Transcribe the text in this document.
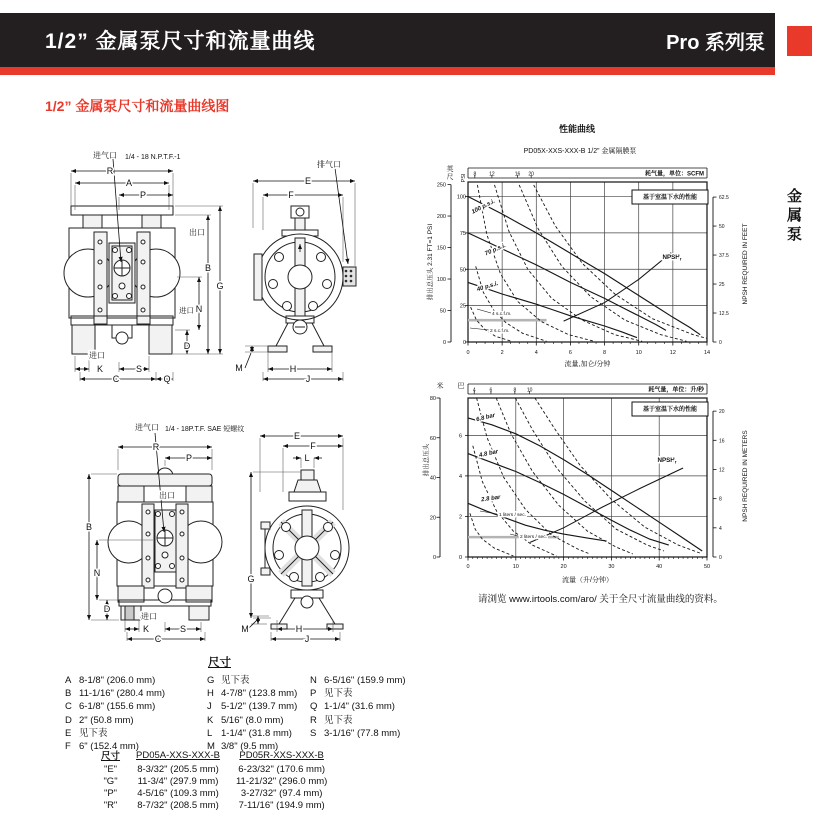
1/2” 金属泵尺寸和流量曲线	Pro 系列泵
金属泵
1/2” 金属泵尺寸和流量曲线图
进气口 1/4 - 18 N.P.T.F.-1
R
A
P
出口
B
G
N
进口
D
进口
K	S
C	Q
排气口
E
F
M	H
J
进气口 1/4 - 18P.T.F. SAE 短螺纹
R
P
B
出口
N
D
进口
K	S
C
E
F
L
G
M	H
J
8	12	16 20	耗气量，单位：SCFM
0	2	4	6	8	10	12	14
流量,加仑/分钟
0
50
100
150
200
250
0
25
50
75
100
0
12.5
25
37.5
50
62.5
基于室温下水的性能
100 p.s.i.
70 p.s.i.
40 p.s.i.
4 s.c.f.m.
2 s.c.f.m.
$NPSH_r$
性能曲线
PD05X-XXS-XXX-B 1/2” 金属隔膜泵
英
尺 PSI
排出总压头 2.31 FT=1 PSI	NPSH REQUIRED IN FEET
4	6	8 10	耗气量，单位：升/秒
0	10	20	30	40	50
流量（升/分钟）
0
20
40
60
80
0
2
4
6
0
4
8
12
16
20
基于室温下水的性能
6.8 bar
4.8 bar
2.8 bar
1 liters / sec.
2 liters / sec.
$NPSH_r$
米 巴
排出总压头	NPSH REQUIRED IN METERS
请浏览 www.irtools.com/aro/ 关于全尺寸流量曲线的资料。
尺寸
A 8-1/8" (206.0 mm)
B 11-1/16" (280.4 mm)
C 6-1/8" (155.6 mm)
D 2" (50.8 mm)
E 见下表
F 6" (152.4 mm)
G 见下表
H 4-7/8" (123.8 mm)
J 5-1/2" (139.7 mm)
K 5/16" (8.0 mm)
L 1-1/4" (31.8 mm)
M 3/8" (9.5 mm)
N 6-5/16" (159.9 mm)
P 见下表
Q 1-1/4" (31.6 mm)
R 见下表
S 3-1/16" (77.8 mm)
尺寸	PD05A-XXS-XXX-B	PD05R-XXS-XXX-B
"E"	8-3/32" (205.5 mm)	6-23/32" (170.6 mm)
"G"	11-3/4" (297.9 mm)	11-21/32" (296.0 mm)
"P"	4-5/16" (109.3 mm)	3-27/32" (97.4 mm)
"R"	8-7/32" (208.5 mm)	7-11/16" (194.9 mm)
